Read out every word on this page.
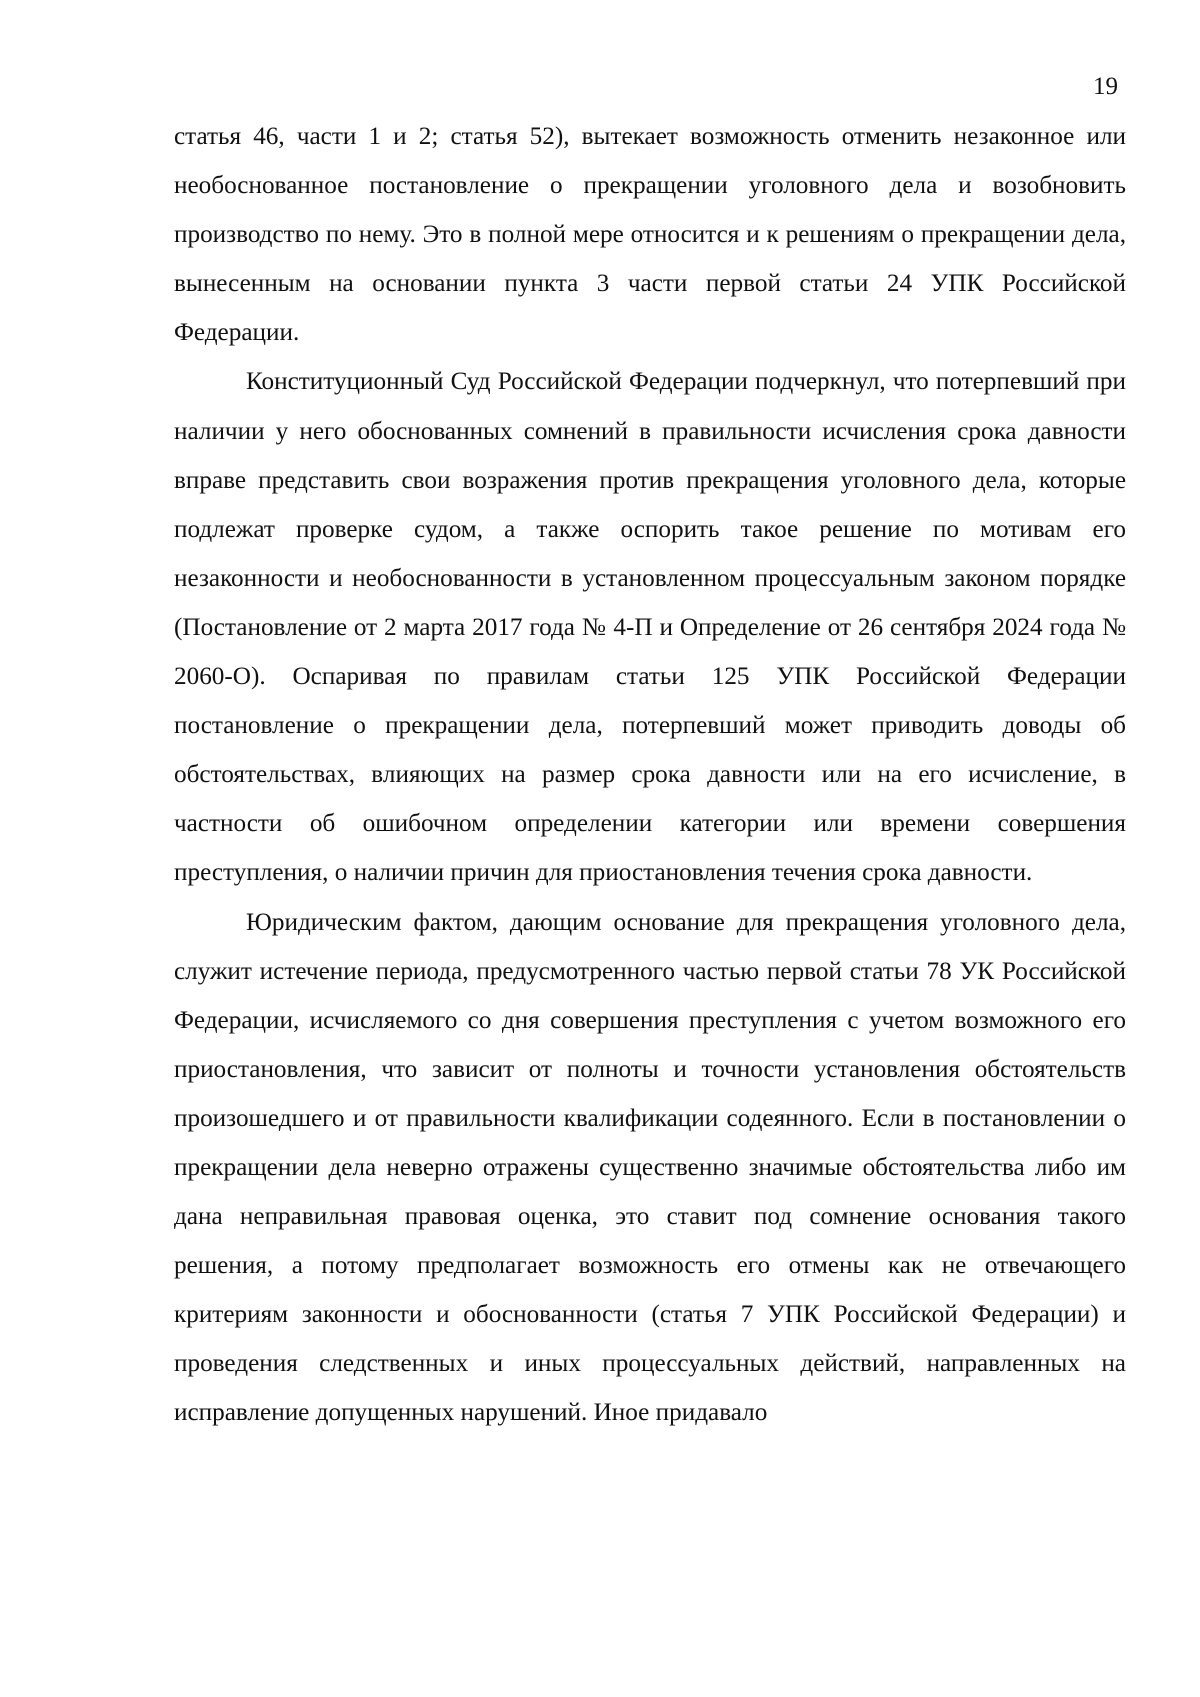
19

статья 46, части 1 и 2; статья 52), вытекает возможность отменить незаконное или необоснованное постановление о прекращении уголовного дела и возобновить производство по нему. Это в полной мере относится и к решениям о прекращении дела, вынесенным на основании пункта 3 части первой статьи 24 УПК Российской Федерации.

Конституционный Суд Российской Федерации подчеркнул, что потерпевший при наличии у него обоснованных сомнений в правильности исчисления срока давности вправе представить свои возражения против прекращения уголовного дела, которые подлежат проверке судом, а также оспорить такое решение по мотивам его незаконности и необоснованности в установленном процессуальным законом порядке (Постановление от 2 марта 2017 года № 4-П и Определение от 26 сентября 2024 года № 2060-О). Оспаривая по правилам статьи 125 УПК Российской Федерации постановление о прекращении дела, потерпевший может приводить доводы об обстоятельствах, влияющих на размер срока давности или на его исчисление, в частности об ошибочном определении категории или времени совершения преступления, о наличии причин для приостановления течения срока давности.

Юридическим фактом, дающим основание для прекращения уголовного дела, служит истечение периода, предусмотренного частью первой статьи 78 УК Российской Федерации, исчисляемого со дня совершения преступления с учетом возможного его приостановления, что зависит от полноты и точности установления обстоятельств произошедшего и от правильности квалификации содеянного. Если в постановлении о прекращении дела неверно отражены существенно значимые обстоятельства либо им дана неправильная правовая оценка, это ставит под сомнение основания такого решения, а потому предполагает возможность его отмены как не отвечающего критериям законности и обоснованности (статья 7 УПК Российской Федерации) и проведения следственных и иных процессуальных действий, направленных на исправление допущенных нарушений. Иное придавало
